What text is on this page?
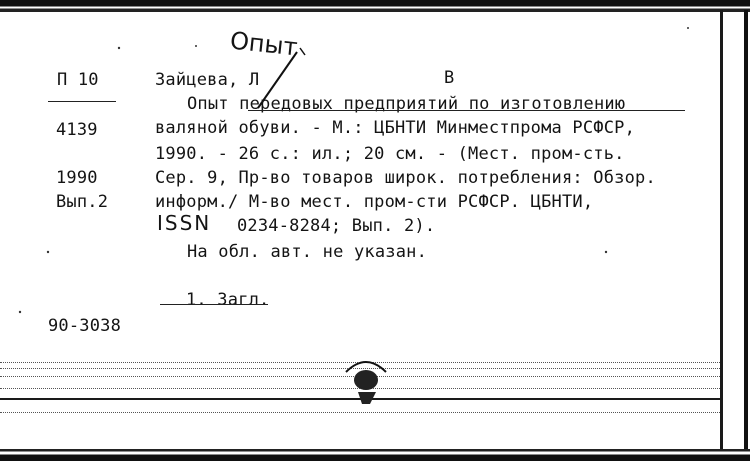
Опыт
П 10
4139
1990
Вып.2
90-3038
Зайцева, Л	В
Опыт передовых предприятий по изготовлению
валяной обуви. - М.: ЦБНТИ Минместпрома РСФСР,
1990. - 26 с.: ил.; 20 см. - (Мест. пром-сть.
Сер. 9, Пр-во товаров широк. потребления: Обзор.
информ./ М-во мест. пром-сти РСФСР. ЦБНТИ,
ISSN 0234-8284; Вып. 2).
На обл. авт. не указан.
1. Загл.
